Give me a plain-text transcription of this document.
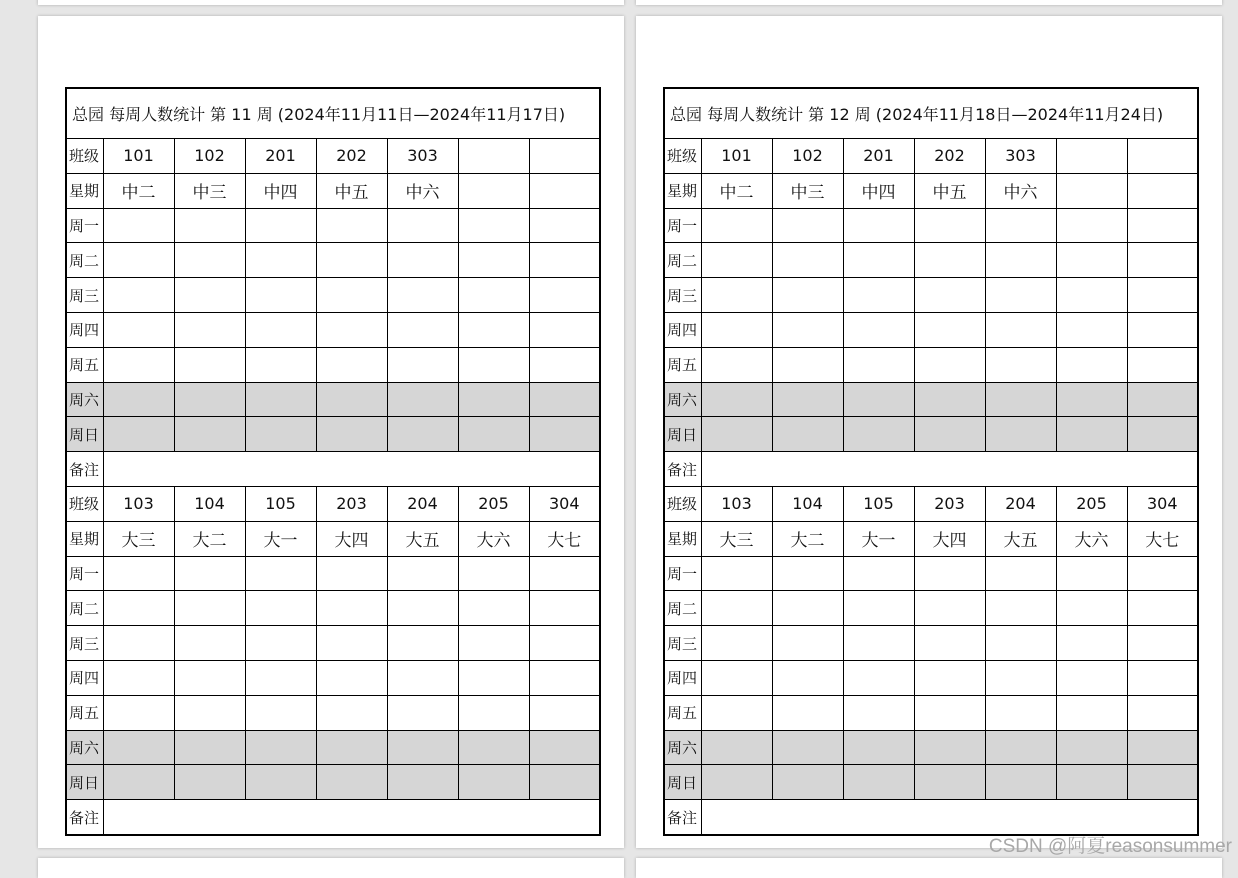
总园 每周人数统计 第 11 周 (2024年11月11日—2024年11月17日)							
班级	101	102	201	202	303		
星期	中二	中三	中四	中五	中六		
周一							
周二							
周三							
周四							
周五							
周六							
周日							
备注							
班级	103	104	105	203	204	205	304
星期	大三	大二	大一	大四	大五	大六	大七
周一							
周二							
周三							
周四							
周五							
周六							
周日							
备注							
总园 每周人数统计 第 12 周 (2024年11月18日—2024年11月24日)							
班级	101	102	201	202	303		
星期	中二	中三	中四	中五	中六		
周一							
周二							
周三							
周四							
周五							
周六							
周日							
备注							
班级	103	104	105	203	204	205	304
星期	大三	大二	大一	大四	大五	大六	大七
周一							
周二							
周三							
周四							
周五							
周六							
周日							
备注							
CSDN @阿夏reasonsummer
